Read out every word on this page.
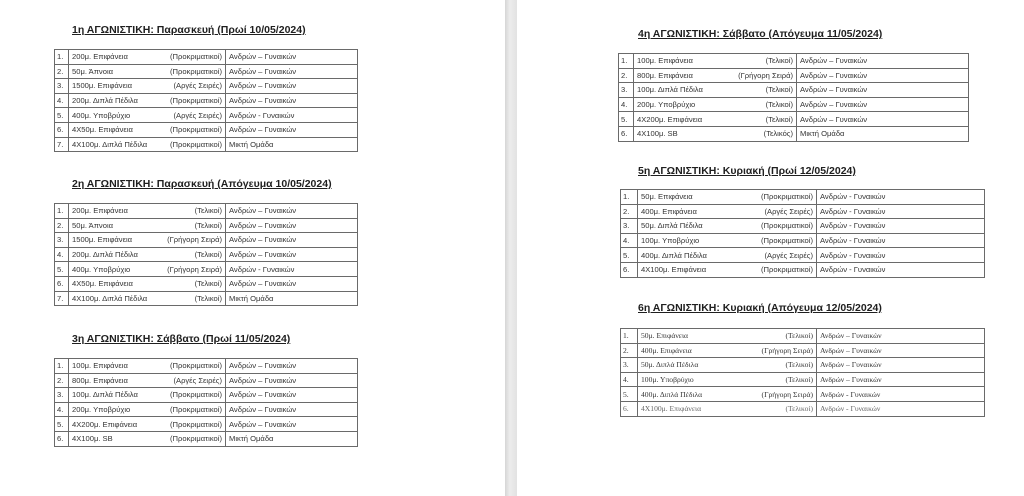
1η ΑΓΩΝΙΣΤΙΚΗ: Παρασκευή (Πρωί 10/05/2024)
1.	200μ. Επιφάνεια (Προκριματικοί)	Ανδρών – Γυναικών
2.	50μ. Άπνοια (Προκριματικοί)	Ανδρών – Γυναικών
3.	1500μ. Επιφάνεια (Αργές Σειρές)	Ανδρών – Γυναικών
4.	200μ. Διπλά Πέδιλα (Προκριματικοί)	Ανδρών – Γυναικών
5.	400μ. Υποβρύχιο (Αργές Σειρές)	Ανδρών - Γυναικών
6.	4Χ50μ. Επιφάνεια (Προκριματικοί)	Ανδρών – Γυναικών
7.	4Χ100μ. Διπλά Πέδιλα (Προκριματικοί)	Μικτή Ομάδα
2η ΑΓΩΝΙΣΤΙΚΗ: Παρασκευή (Απόγευμα 10/05/2024)
1.	200μ. Επιφάνεια (Τελικοί)	Ανδρών – Γυναικών
2.	50μ. Άπνοια (Τελικοί)	Ανδρών – Γυναικών
3.	1500μ. Επιφάνεια (Γρήγορη Σειρά)	Ανδρών – Γυναικών
4.	200μ. Διπλά Πέδιλα (Τελικοί)	Ανδρών – Γυναικών
5.	400μ. Υποβρύχιο (Γρήγορη Σειρά)	Ανδρών - Γυναικών
6.	4Χ50μ. Επιφάνεια (Τελικοί)	Ανδρών – Γυναικών
7.	4Χ100μ. Διπλά Πέδιλα (Τελικοί)	Μικτή Ομάδα
3η ΑΓΩΝΙΣΤΙΚΗ: Σάββατο (Πρωί 11/05/2024)
1.	100μ. Επιφάνεια (Προκριματικοί)	Ανδρών – Γυναικών
2.	800μ. Επιφάνεια (Αργές Σειρές)	Ανδρών – Γυναικών
3.	100μ. Διπλά Πέδιλα (Προκριματικοί)	Ανδρών – Γυναικών
4.	200μ. Υποβρύχιο (Προκριματικοί)	Ανδρών – Γυναικών
5.	4Χ200μ. Επιφάνεια (Προκριματικοί)	Ανδρών – Γυναικών
6.	4Χ100μ. SB (Προκριματικοί)	Μικτή Ομάδα
4η ΑΓΩΝΙΣΤΙΚΗ: Σάββατο (Απόγευμα 11/05/2024)
1.	100μ. Επιφάνεια (Τελικοί)	Ανδρών – Γυναικών
2.	800μ. Επιφάνεια (Γρήγορη Σειρά)	Ανδρών – Γυναικών
3.	100μ. Διπλά Πέδιλα (Τελικοί)	Ανδρών – Γυναικών
4.	200μ. Υποβρύχιο (Τελικοί)	Ανδρών – Γυναικών
5.	4Χ200μ. Επιφάνεια (Τελικοί)	Ανδρών – Γυναικών
6.	4Χ100μ. SB (Τελικός)	Μικτή Ομάδα
5η ΑΓΩΝΙΣΤΙΚΗ: Κυριακή (Πρωί 12/05/2024)
1.	50μ. Επιφάνεια (Προκριματικοί)	Ανδρών - Γυναικών
2.	400μ. Επιφάνεια (Αργές Σειρές)	Ανδρών - Γυναικών
3.	50μ. Διπλά Πέδιλα (Προκριματικοί)	Ανδρών - Γυναικών
4.	100μ. Υποβρύχιο (Προκριματικοί)	Ανδρών - Γυναικών
5.	400μ. Διπλά Πέδιλα (Αργές Σειρές)	Ανδρών - Γυναικών
6.	4Χ100μ. Επιφάνεια (Προκριματικοί)	Ανδρών - Γυναικών
6η ΑΓΩΝΙΣΤΙΚΗ: Κυριακή (Απόγευμα 12/05/2024)
1.	50μ. Επιφάνεια (Τελικοί)	Ανδρών – Γυναικών
2.	400μ. Επιφάνεια (Γρήγορη Σειρά)	Ανδρών – Γυναικών
3.	50μ. Διπλά Πέδιλα (Τελικοί)	Ανδρών – Γυναικών
4.	100μ. Υποβρύχιο (Τελικοί)	Ανδρών – Γυναικών
5.	400μ. Διπλά Πέδιλα (Γρήγορη Σειρά)	Ανδρών - Γυναικών
6.	4Χ100μ. Επιφάνεια (Τελικοί)	Ανδρών - Γυναικών
